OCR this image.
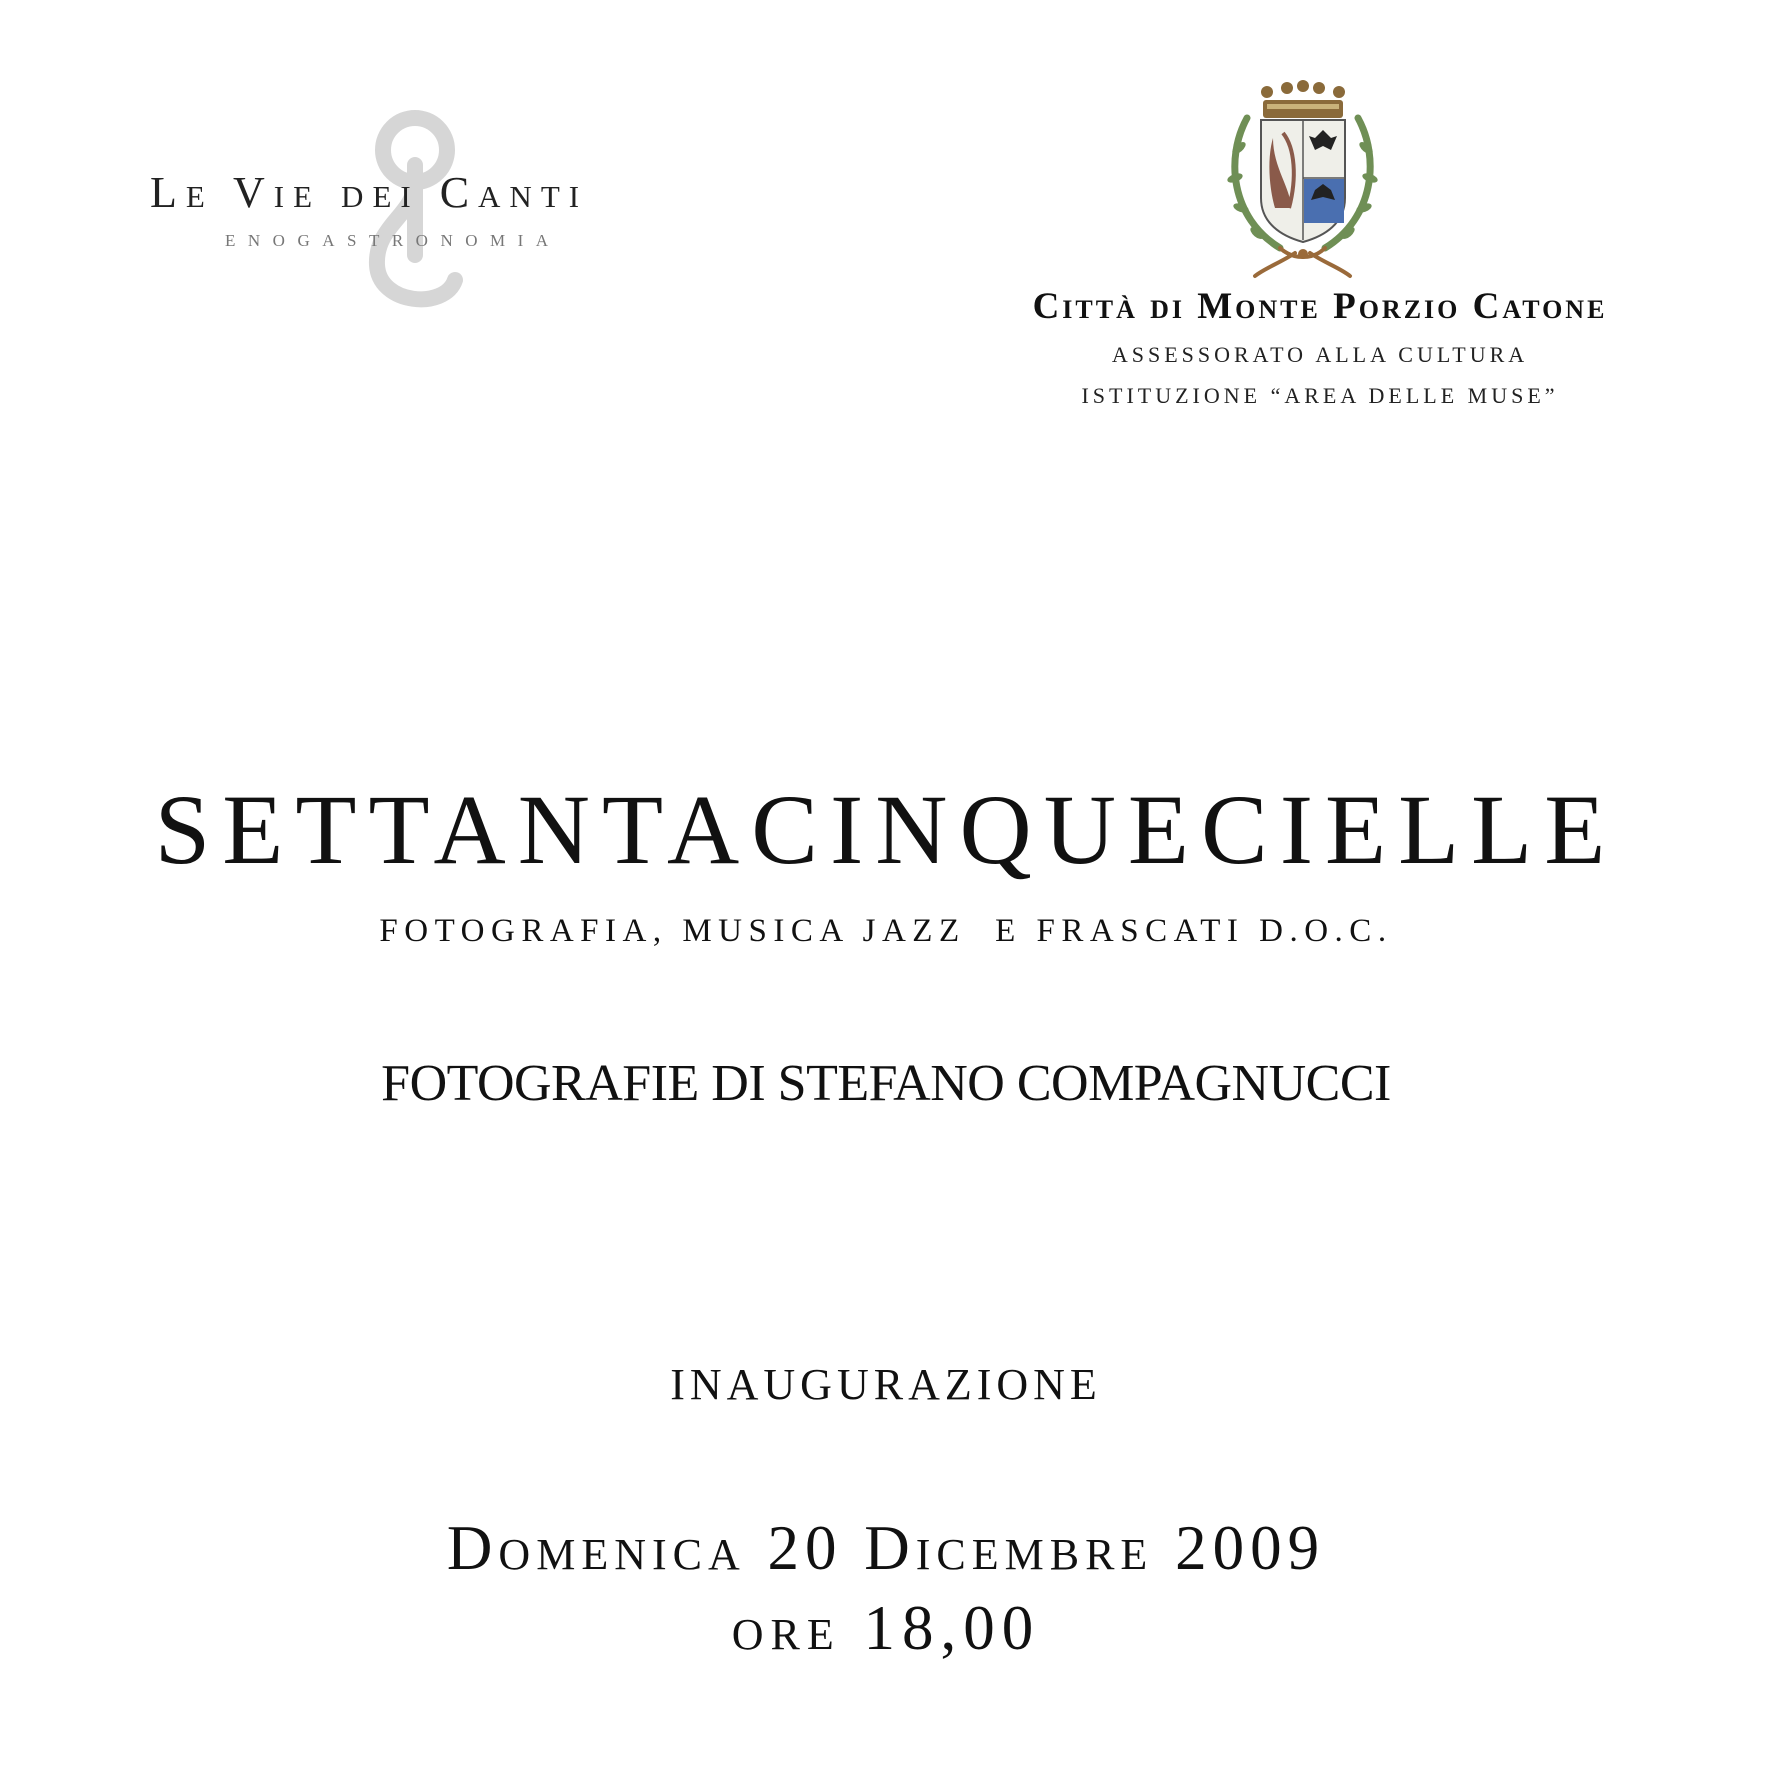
Le Vie dei Canti
ENOGASTRONOMIA
Città di Monte Porzio Catone
ASSESSORATO ALLA CULTURA
ISTITUZIONE “AREA DELLE MUSE”
SETTANTACINQUECIELLE
FOTOGRAFIA, MUSICA JAZZ  E FRASCATI D.O.C.
FOTOGRAFIE DI STEFANO COMPAGNUCCI
INAUGURAZIONE
Domenica 20 Dicembre 2009
ore 18,00
